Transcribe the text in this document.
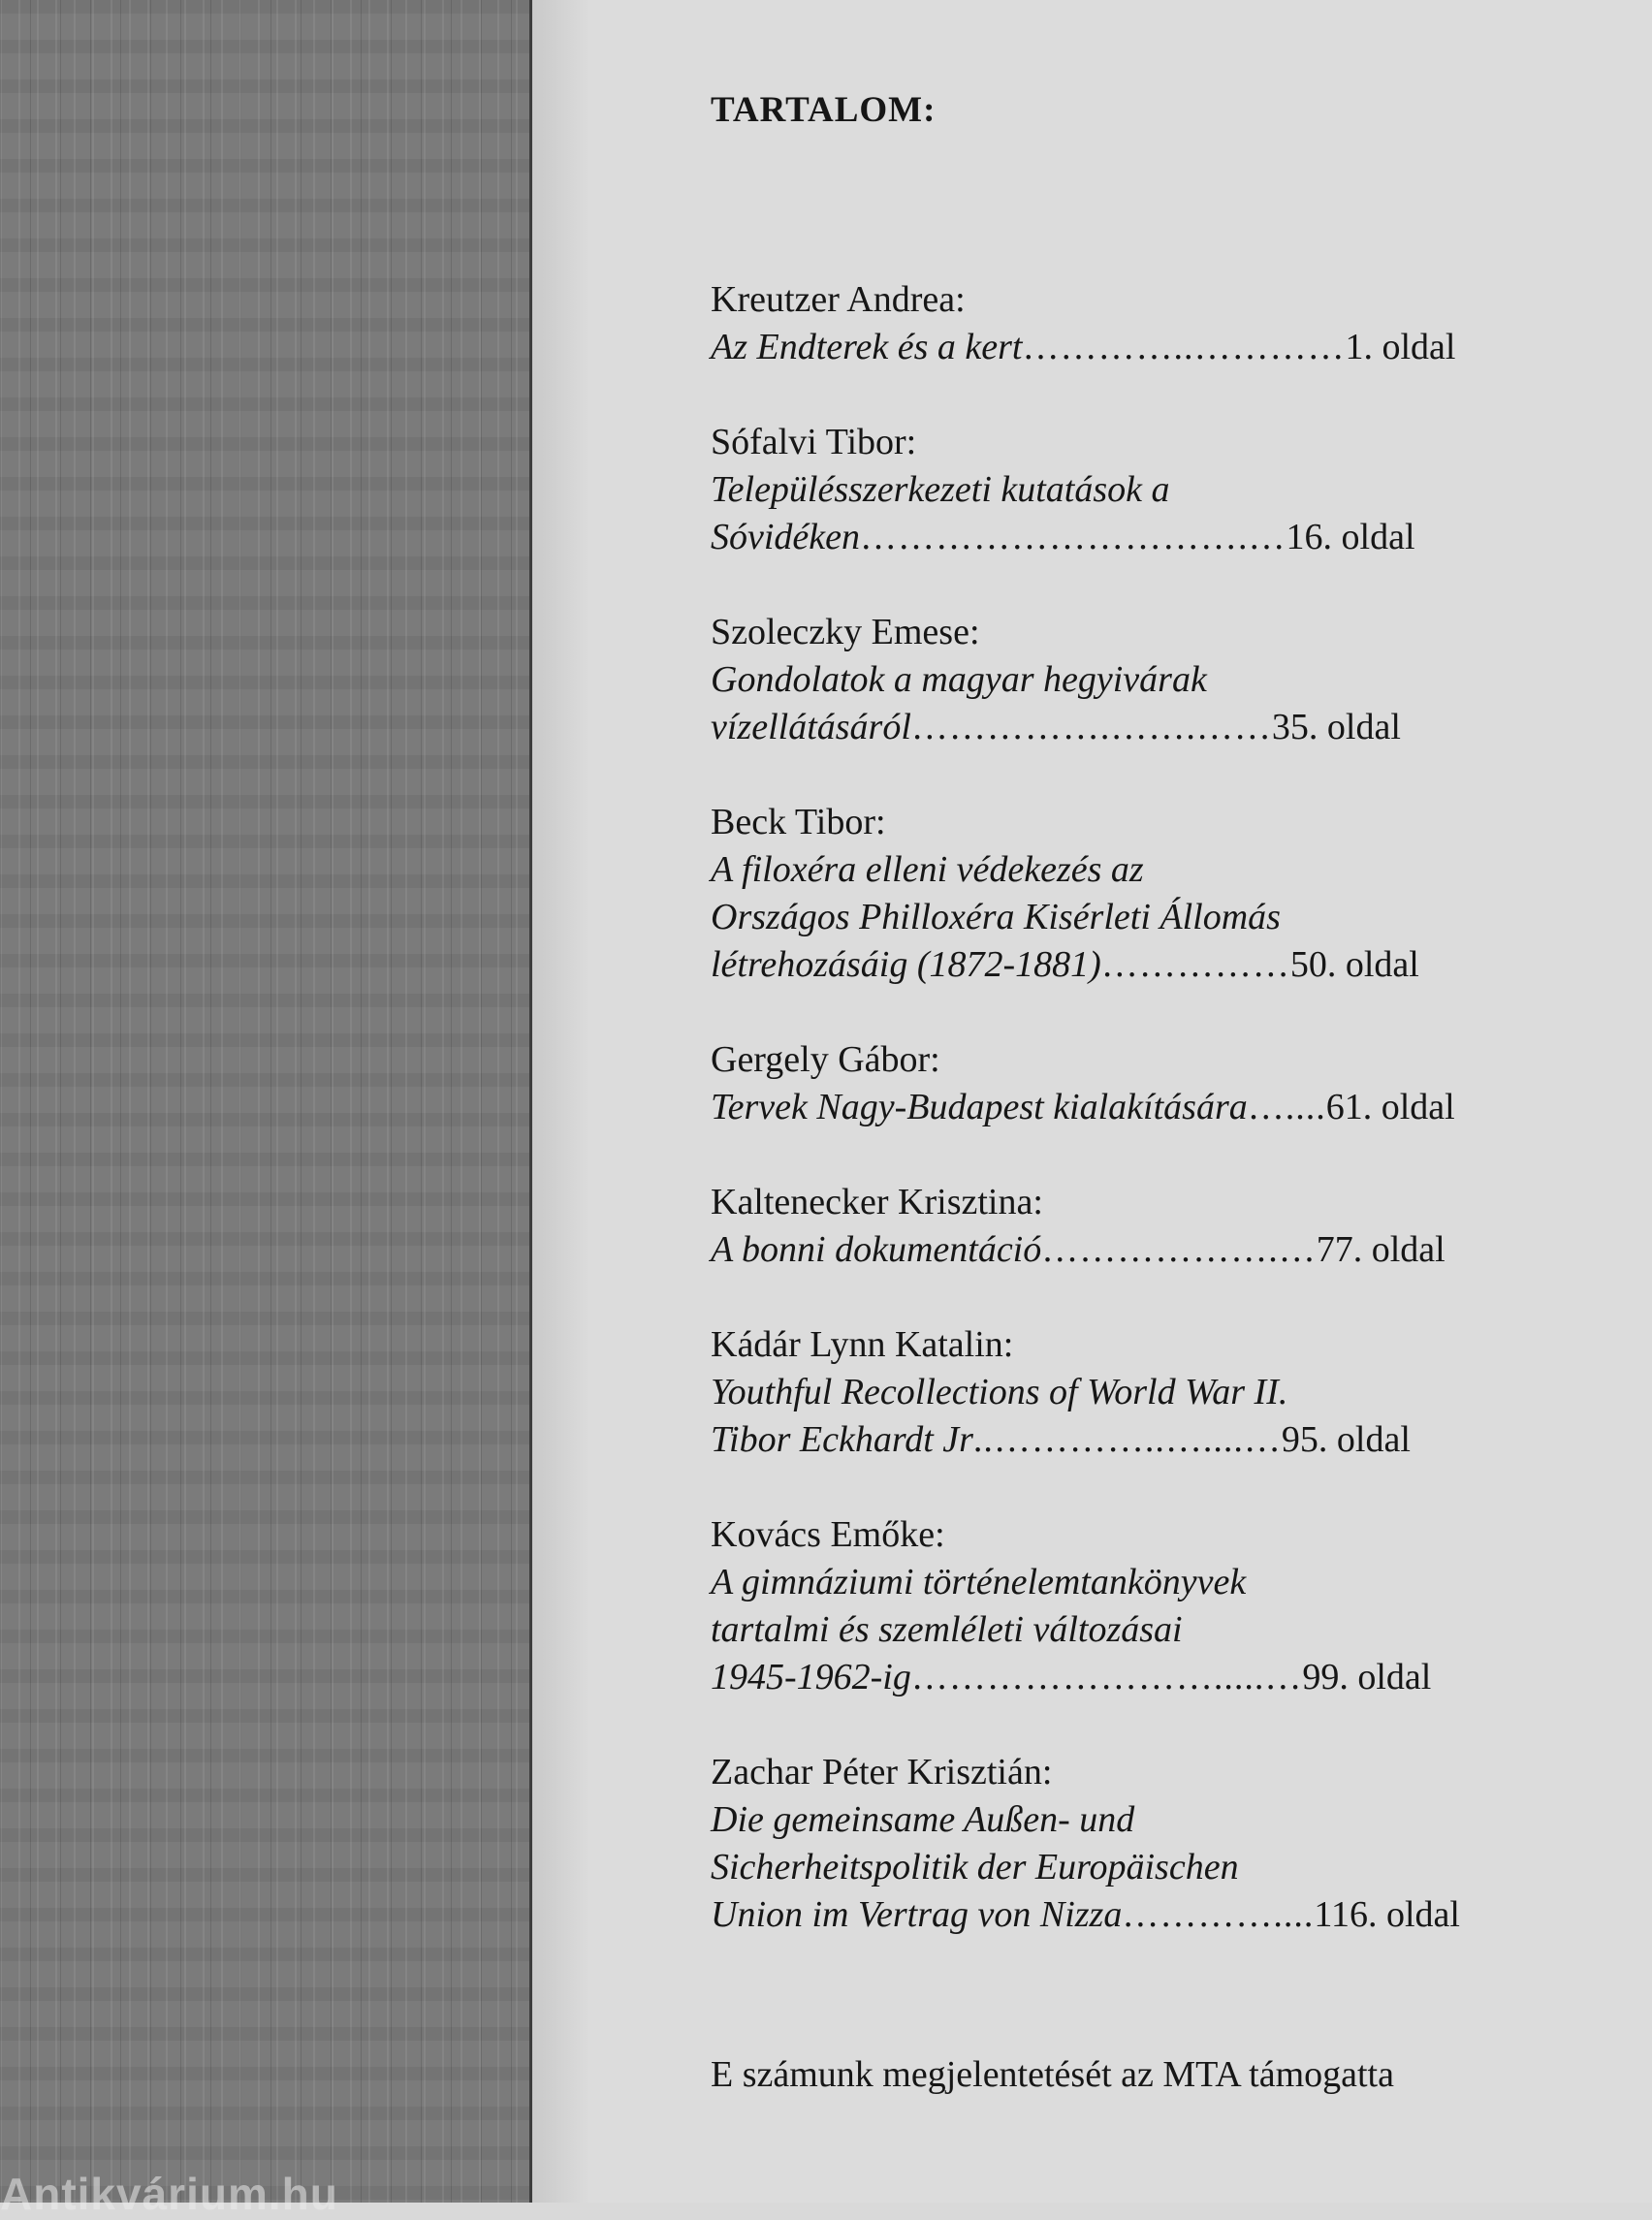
Antikvárium.hu
TARTALOM:
Kreutzer Andrea:
Az Endterek és a kert …………..………… 1. oldal
Sófalvi Tibor:
Településszerkezeti kutatások a
Sóvidéken ………………………….… 16. oldal
Szoleczky Emese:
Gondolatok a magyar hegyivárak
vízellátásáról …………….…….…… 35. oldal
Beck Tibor:
A filoxéra elleni védekezés az
Országos Philloxéra Kisérleti Állomás
létrehozásáig (1872-1881) …………… 50. oldal
Gergely Gábor:
Tervek Nagy-Budapest kialakítására ….... 61. oldal
Kaltenecker Krisztina:
A bonni dokumentáció ……………….… 77. oldal
Kádár Lynn Katalin:
Youthful Recollections of World War II.
Tibor Eckhardt Jr ..…………..…....… 95. oldal
Kovács Emőke:
A gimnáziumi történelemtankönyvek
tartalmi és szemléleti változásai
1945-1962-ig …………………….....… 99. oldal
Zachar Péter Krisztián:
Die gemeinsame Außen- und
Sicherheitspolitik der Europäischen
Union im Vertrag von Nizza ………….... 116. oldal

E számunk megjelentetését az MTA támogatta
